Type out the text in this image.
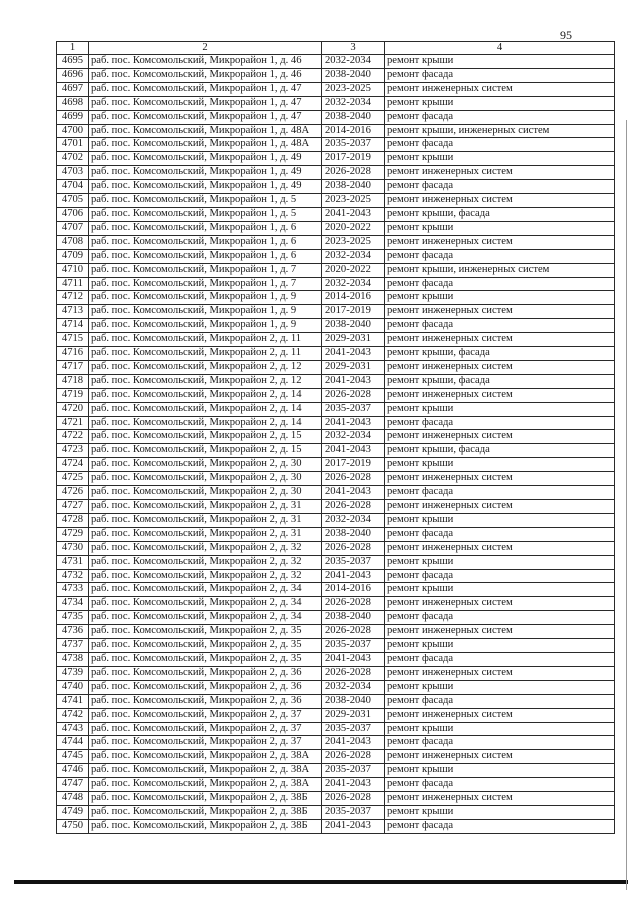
95
1	2	3	4
4695	раб. пос. Комсомольский, Микрорайон 1, д. 46	2032-2034	ремонт крыши
4696	раб. пос. Комсомольский, Микрорайон 1, д. 46	2038-2040	ремонт фасада
4697	раб. пос. Комсомольский, Микрорайон 1, д. 47	2023-2025	ремонт инженерных систем
4698	раб. пос. Комсомольский, Микрорайон 1, д. 47	2032-2034	ремонт крыши
4699	раб. пос. Комсомольский, Микрорайон 1, д. 47	2038-2040	ремонт фасада
4700	раб. пос. Комсомольский, Микрорайон 1, д. 48А	2014-2016	ремонт крыши, инженерных систем
4701	раб. пос. Комсомольский, Микрорайон 1, д. 48А	2035-2037	ремонт фасада
4702	раб. пос. Комсомольский, Микрорайон 1, д. 49	2017-2019	ремонт крыши
4703	раб. пос. Комсомольский, Микрорайон 1, д. 49	2026-2028	ремонт инженерных систем
4704	раб. пос. Комсомольский, Микрорайон 1, д. 49	2038-2040	ремонт фасада
4705	раб. пос. Комсомольский, Микрорайон 1, д. 5	2023-2025	ремонт инженерных систем
4706	раб. пос. Комсомольский, Микрорайон 1, д. 5	2041-2043	ремонт крыши, фасада
4707	раб. пос. Комсомольский, Микрорайон 1, д. 6	2020-2022	ремонт крыши
4708	раб. пос. Комсомольский, Микрорайон 1, д. 6	2023-2025	ремонт инженерных систем
4709	раб. пос. Комсомольский, Микрорайон 1, д. 6	2032-2034	ремонт фасада
4710	раб. пос. Комсомольский, Микрорайон 1, д. 7	2020-2022	ремонт крыши, инженерных систем
4711	раб. пос. Комсомольский, Микрорайон 1, д. 7	2032-2034	ремонт фасада
4712	раб. пос. Комсомольский, Микрорайон 1, д. 9	2014-2016	ремонт крыши
4713	раб. пос. Комсомольский, Микрорайон 1, д. 9	2017-2019	ремонт инженерных систем
4714	раб. пос. Комсомольский, Микрорайон 1, д. 9	2038-2040	ремонт фасада
4715	раб. пос. Комсомольский, Микрорайон 2, д. 11	2029-2031	ремонт инженерных систем
4716	раб. пос. Комсомольский, Микрорайон 2, д. 11	2041-2043	ремонт крыши, фасада
4717	раб. пос. Комсомольский, Микрорайон 2, д. 12	2029-2031	ремонт инженерных систем
4718	раб. пос. Комсомольский, Микрорайон 2, д. 12	2041-2043	ремонт крыши, фасада
4719	раб. пос. Комсомольский, Микрорайон 2, д. 14	2026-2028	ремонт инженерных систем
4720	раб. пос. Комсомольский, Микрорайон 2, д. 14	2035-2037	ремонт крыши
4721	раб. пос. Комсомольский, Микрорайон 2, д. 14	2041-2043	ремонт фасада
4722	раб. пос. Комсомольский, Микрорайон 2, д. 15	2032-2034	ремонт инженерных систем
4723	раб. пос. Комсомольский, Микрорайон 2, д. 15	2041-2043	ремонт крыши, фасада
4724	раб. пос. Комсомольский, Микрорайон 2, д. 30	2017-2019	ремонт крыши
4725	раб. пос. Комсомольский, Микрорайон 2, д. 30	2026-2028	ремонт инженерных систем
4726	раб. пос. Комсомольский, Микрорайон 2, д. 30	2041-2043	ремонт фасада
4727	раб. пос. Комсомольский, Микрорайон 2, д. 31	2026-2028	ремонт инженерных систем
4728	раб. пос. Комсомольский, Микрорайон 2, д. 31	2032-2034	ремонт крыши
4729	раб. пос. Комсомольский, Микрорайон 2, д. 31	2038-2040	ремонт фасада
4730	раб. пос. Комсомольский, Микрорайон 2, д. 32	2026-2028	ремонт инженерных систем
4731	раб. пос. Комсомольский, Микрорайон 2, д. 32	2035-2037	ремонт крыши
4732	раб. пос. Комсомольский, Микрорайон 2, д. 32	2041-2043	ремонт фасада
4733	раб. пос. Комсомольский, Микрорайон 2, д. 34	2014-2016	ремонт крыши
4734	раб. пос. Комсомольский, Микрорайон 2, д. 34	2026-2028	ремонт инженерных систем
4735	раб. пос. Комсомольский, Микрорайон 2, д. 34	2038-2040	ремонт фасада
4736	раб. пос. Комсомольский, Микрорайон 2, д. 35	2026-2028	ремонт инженерных систем
4737	раб. пос. Комсомольский, Микрорайон 2, д. 35	2035-2037	ремонт крыши
4738	раб. пос. Комсомольский, Микрорайон 2, д. 35	2041-2043	ремонт фасада
4739	раб. пос. Комсомольский, Микрорайон 2, д. 36	2026-2028	ремонт инженерных систем
4740	раб. пос. Комсомольский, Микрорайон 2, д. 36	2032-2034	ремонт крыши
4741	раб. пос. Комсомольский, Микрорайон 2, д. 36	2038-2040	ремонт фасада
4742	раб. пос. Комсомольский, Микрорайон 2, д. 37	2029-2031	ремонт инженерных систем
4743	раб. пос. Комсомольский, Микрорайон 2, д. 37	2035-2037	ремонт крыши
4744	раб. пос. Комсомольский, Микрорайон 2, д. 37	2041-2043	ремонт фасада
4745	раб. пос. Комсомольский, Микрорайон 2, д. 38А	2026-2028	ремонт инженерных систем
4746	раб. пос. Комсомольский, Микрорайон 2, д. 38А	2035-2037	ремонт крыши
4747	раб. пос. Комсомольский, Микрорайон 2, д. 38А	2041-2043	ремонт фасада
4748	раб. пос. Комсомольский, Микрорайон 2, д. 38Б	2026-2028	ремонт инженерных систем
4749	раб. пос. Комсомольский, Микрорайон 2, д. 38Б	2035-2037	ремонт крыши
4750	раб. пос. Комсомольский, Микрорайон 2, д. 38Б	2041-2043	ремонт фасада
